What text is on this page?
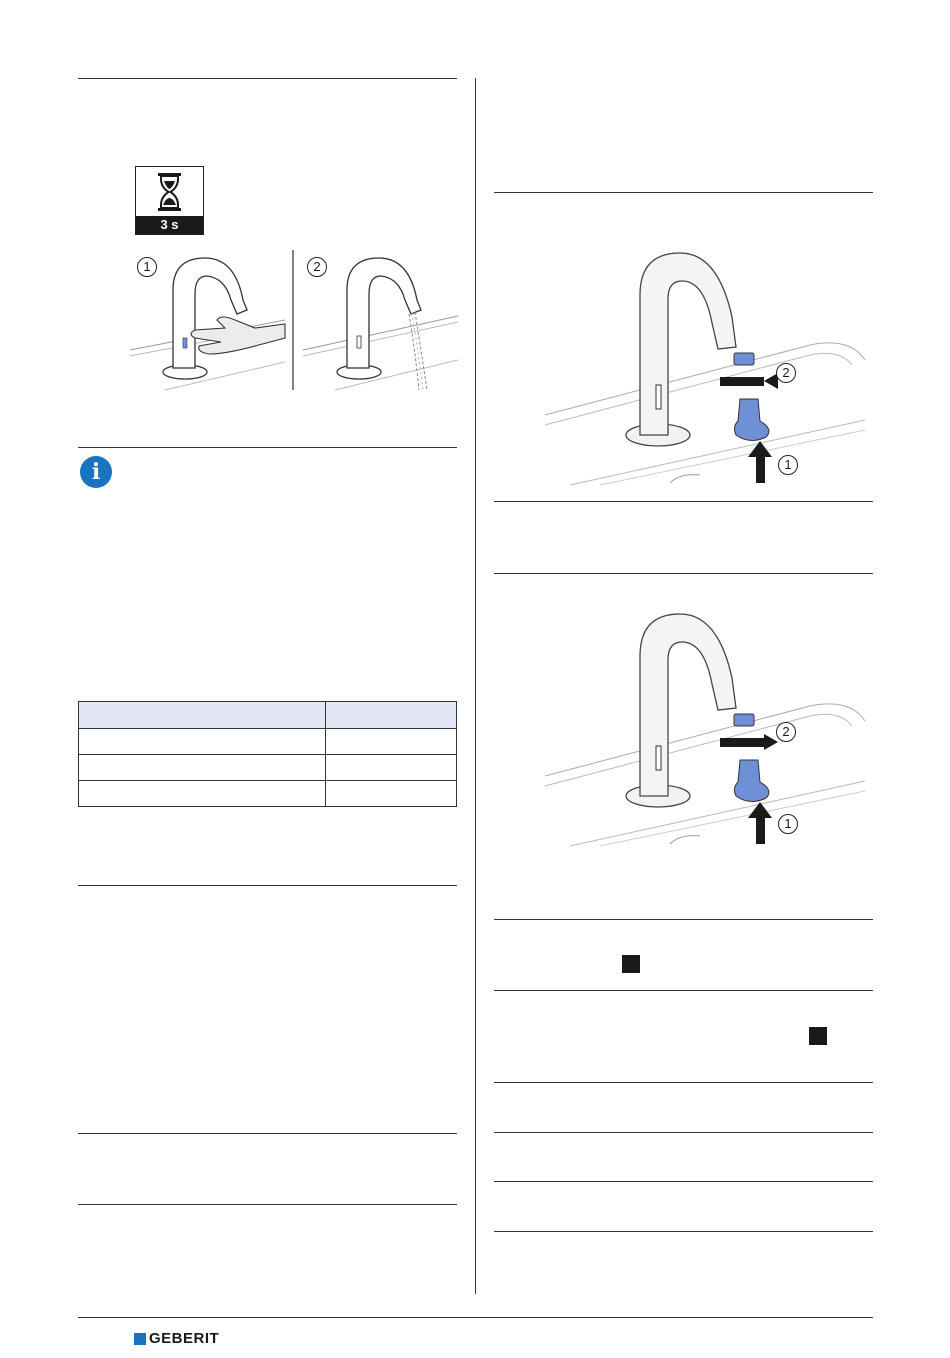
3 s
1	2
i

2
1
2
1
GEBERIT
